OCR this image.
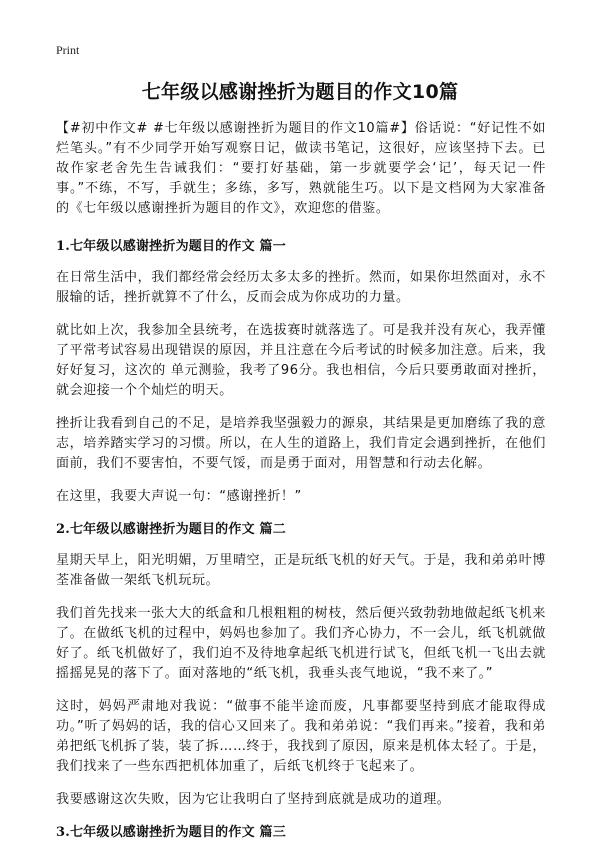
Print
七年级以感谢挫折为题目的作文10篇

【#初中作文# #七年级以感谢挫折为题目的作文10篇#】俗话说：“好记性不如烂笔头。”有不少同学开始写观察日记，做读书笔记，这很好，应该坚持下去。已故作家老舍先生告诫我们：“要打好基础，第一步就要学会‘记’，每天记一件事。”不练，不写，手就生；多练，多写，熟就能生巧。以下是文档网为大家准备的《七年级以感谢挫折为题目的作文》，欢迎您的借鉴。

1.七年级以感谢挫折为题目的作文 篇一

在日常生活中，我们都经常会经历太多太多的挫折。然而，如果你坦然面对，永不服输的话，挫折就算不了什么，反而会成为你成功的力量。

就比如上次，我参加全县统考，在选拔赛时就落选了。可是我并没有灰心，我弄懂了平常考试容易出现错误的原因，并且注意在今后考试的时候多加注意。后来，我好好复习，这次的 单元测验，我考了96分。我也相信，今后只要勇敢面对挫折，就会迎接一个个灿烂的明天。

挫折让我看到自己的不足，是培养我坚强毅力的源泉，其结果是更加磨练了我的意志，培养踏实学习的习惯。所以，在人生的道路上，我们肯定会遇到挫折，在他们面前，我们不要害怕，不要气馁，而是勇于面对，用智慧和行动去化解。

在这里，我要大声说一句：“感谢挫折！”

2.七年级以感谢挫折为题目的作文 篇二

星期天早上，阳光明媚，万里晴空，正是玩纸飞机的好天气。于是，我和弟弟叶博荃准备做一架纸飞机玩玩。

我们首先找来一张大大的纸盒和几根粗粗的树枝，然后便兴致勃勃地做起纸飞机来了。在做纸飞机的过程中，妈妈也参加了。我们齐心协力，不一会儿，纸飞机就做好了。纸飞机做好了，我们迫不及待地拿起纸飞机进行试飞，但纸飞机一飞出去就摇摇晃晃的落下了。面对落地的“纸飞机，我垂头丧气地说，“我不来了。”

这时，妈妈严肃地对我说：“做事不能半途而废，凡事都要坚持到底才能取得成功。”听了妈妈的话，我的信心又回来了。我和弟弟说：“我们再来。”接着，我和弟弟把纸飞机拆了装，装了拆……终于，我找到了原因，原来是机体太轻了。于是，我们找来了一些东西把机体加重了，后纸飞机终于飞起来了。

我要感谢这次失败，因为它让我明白了坚持到底就是成功的道理。

3.七年级以感谢挫折为题目的作文 篇三
